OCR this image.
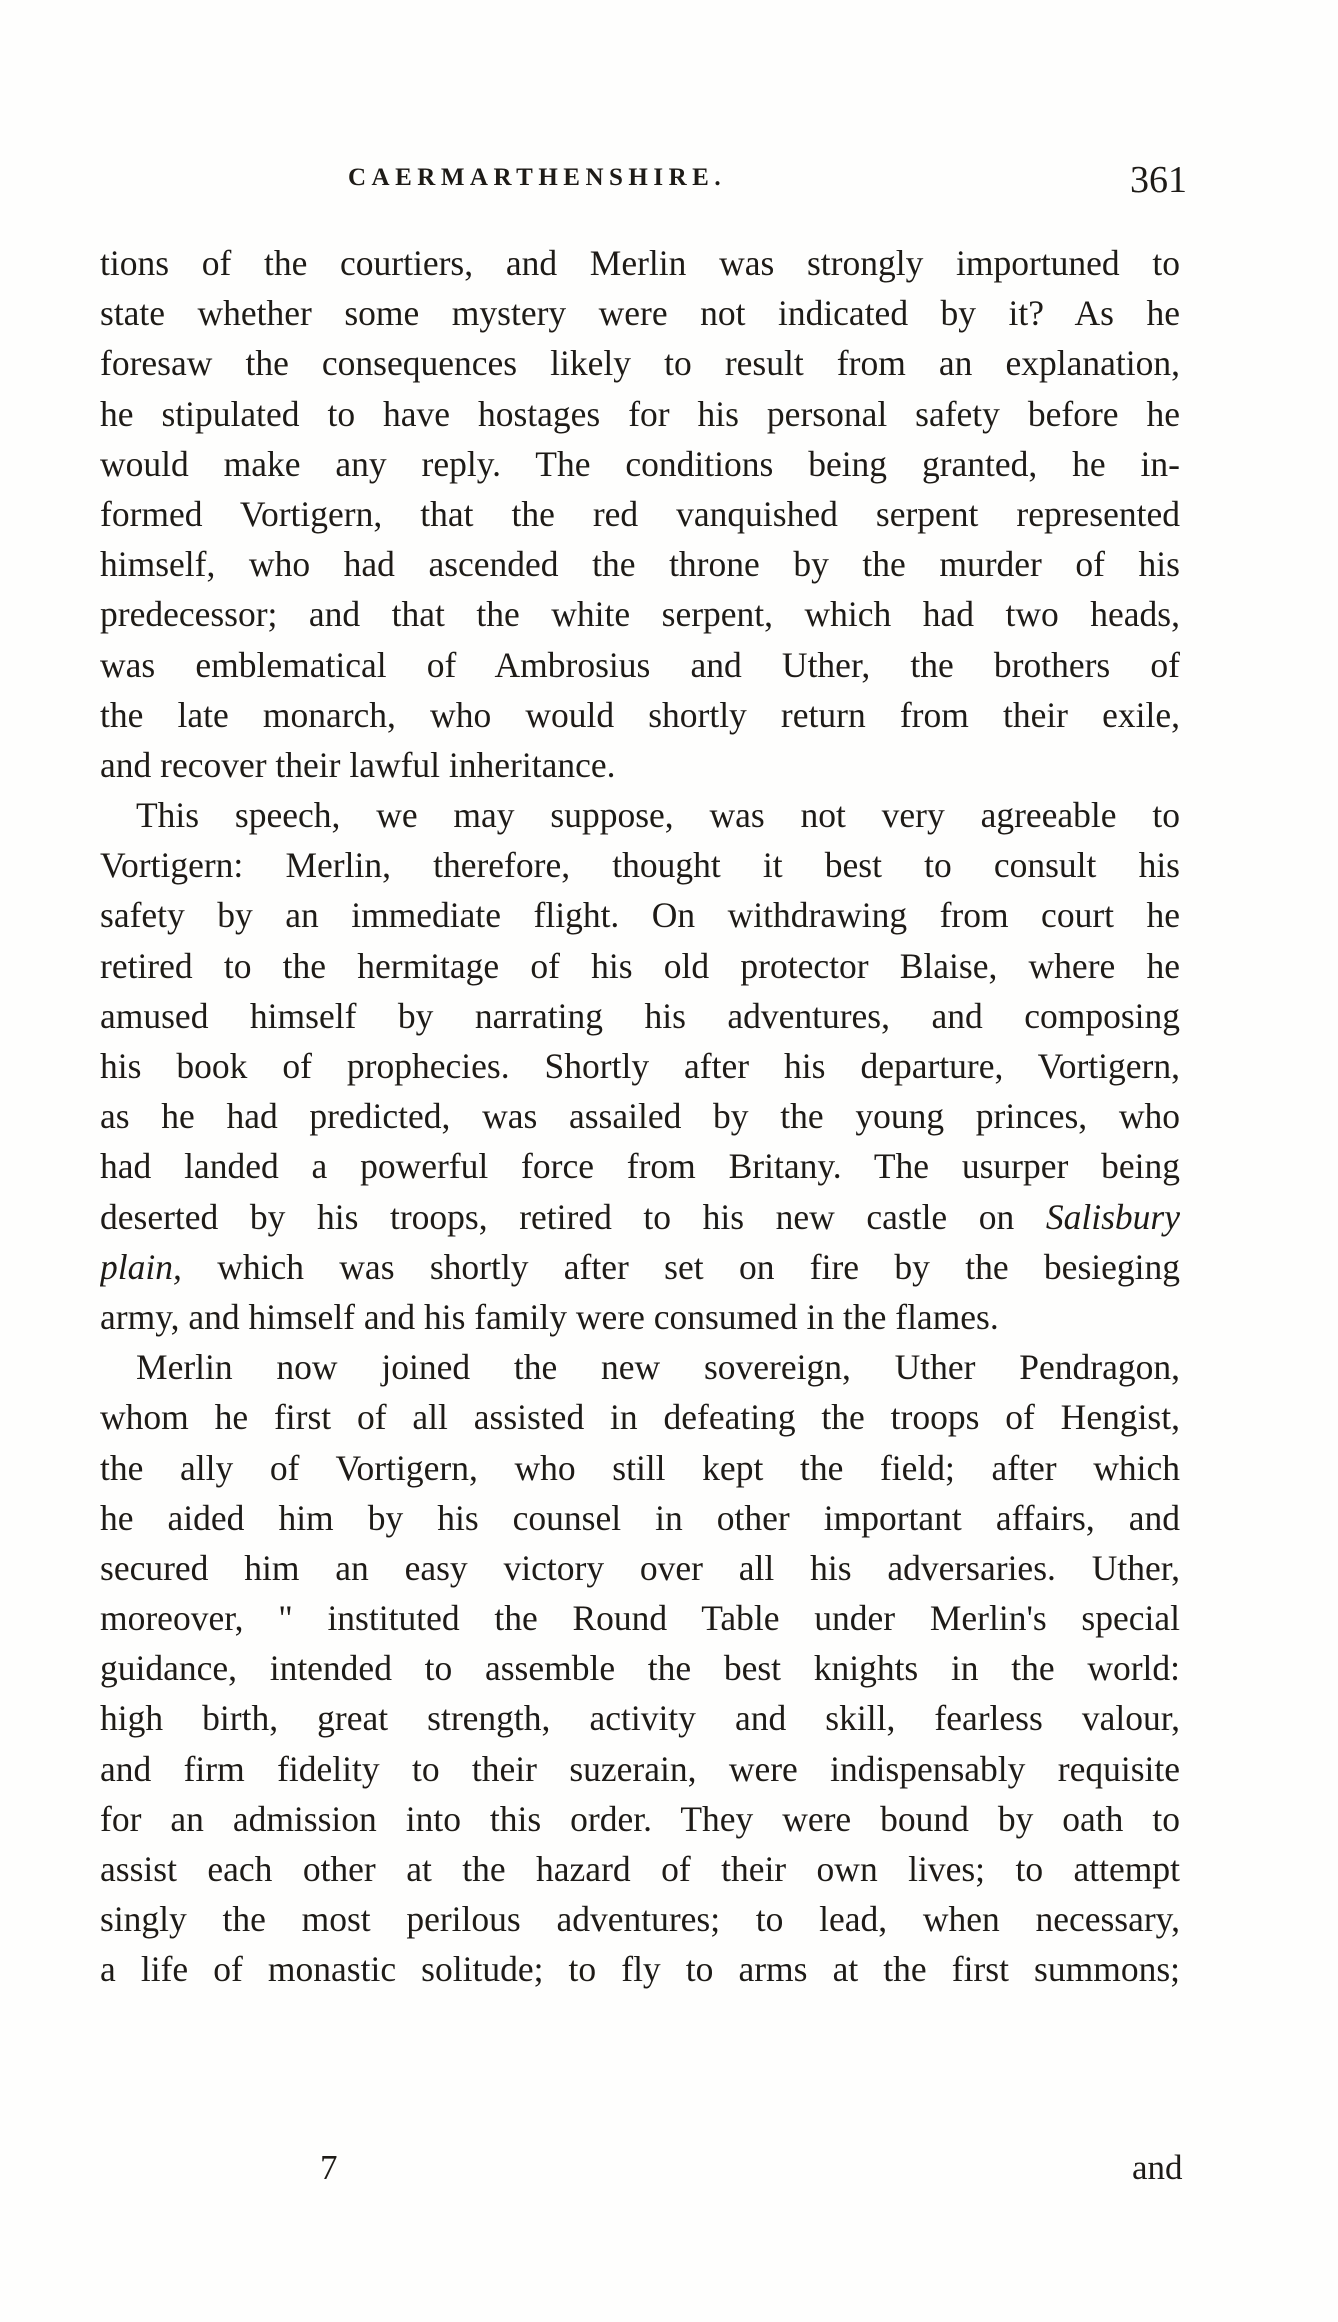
CAERMARTHENSHIRE.	361
tions of the courtiers, and Merlin was strongly importuned to
state whether some mystery were not indicated by it? As he
foresaw the consequences likely to result from an explanation,
he stipulated to have hostages for his personal safety before he
would make any reply. The conditions being granted, he in-
formed Vortigern, that the red vanquished serpent represented
himself, who had ascended the throne by the murder of his
predecessor; and that the white serpent, which had two heads,
was emblematical of Ambrosius and Uther, the brothers of
the late monarch, who would shortly return from their exile,
and recover their lawful inheritance.
This speech, we may suppose, was not very agreeable to
Vortigern: Merlin, therefore, thought it best to consult his
safety by an immediate flight. On withdrawing from court he
retired to the hermitage of his old protector Blaise, where he
amused himself by narrating his adventures, and composing
his book of prophecies. Shortly after his departure, Vortigern,
as he had predicted, was assailed by the young princes, who
had landed a powerful force from Britany. The usurper being
deserted by his troops, retired to his new castle on Salisbury
plain, which was shortly after set on fire by the besieging
army, and himself and his family were consumed in the flames.
Merlin now joined the new sovereign, Uther Pendragon,
whom he first of all assisted in defeating the troops of Hengist,
the ally of Vortigern, who still kept the field; after which
he aided him by his counsel in other important affairs, and
secured him an easy victory over all his adversaries. Uther,
moreover, " instituted the Round Table under Merlin's special
guidance, intended to assemble the best knights in the world:
high birth, great strength, activity and skill, fearless valour,
and firm fidelity to their suzerain, were indispensably requisite
for an admission into this order. They were bound by oath to
assist each other at the hazard of their own lives; to attempt
singly the most perilous adventures; to lead, when necessary,
a life of monastic solitude; to fly to arms at the first summons;
7	and
